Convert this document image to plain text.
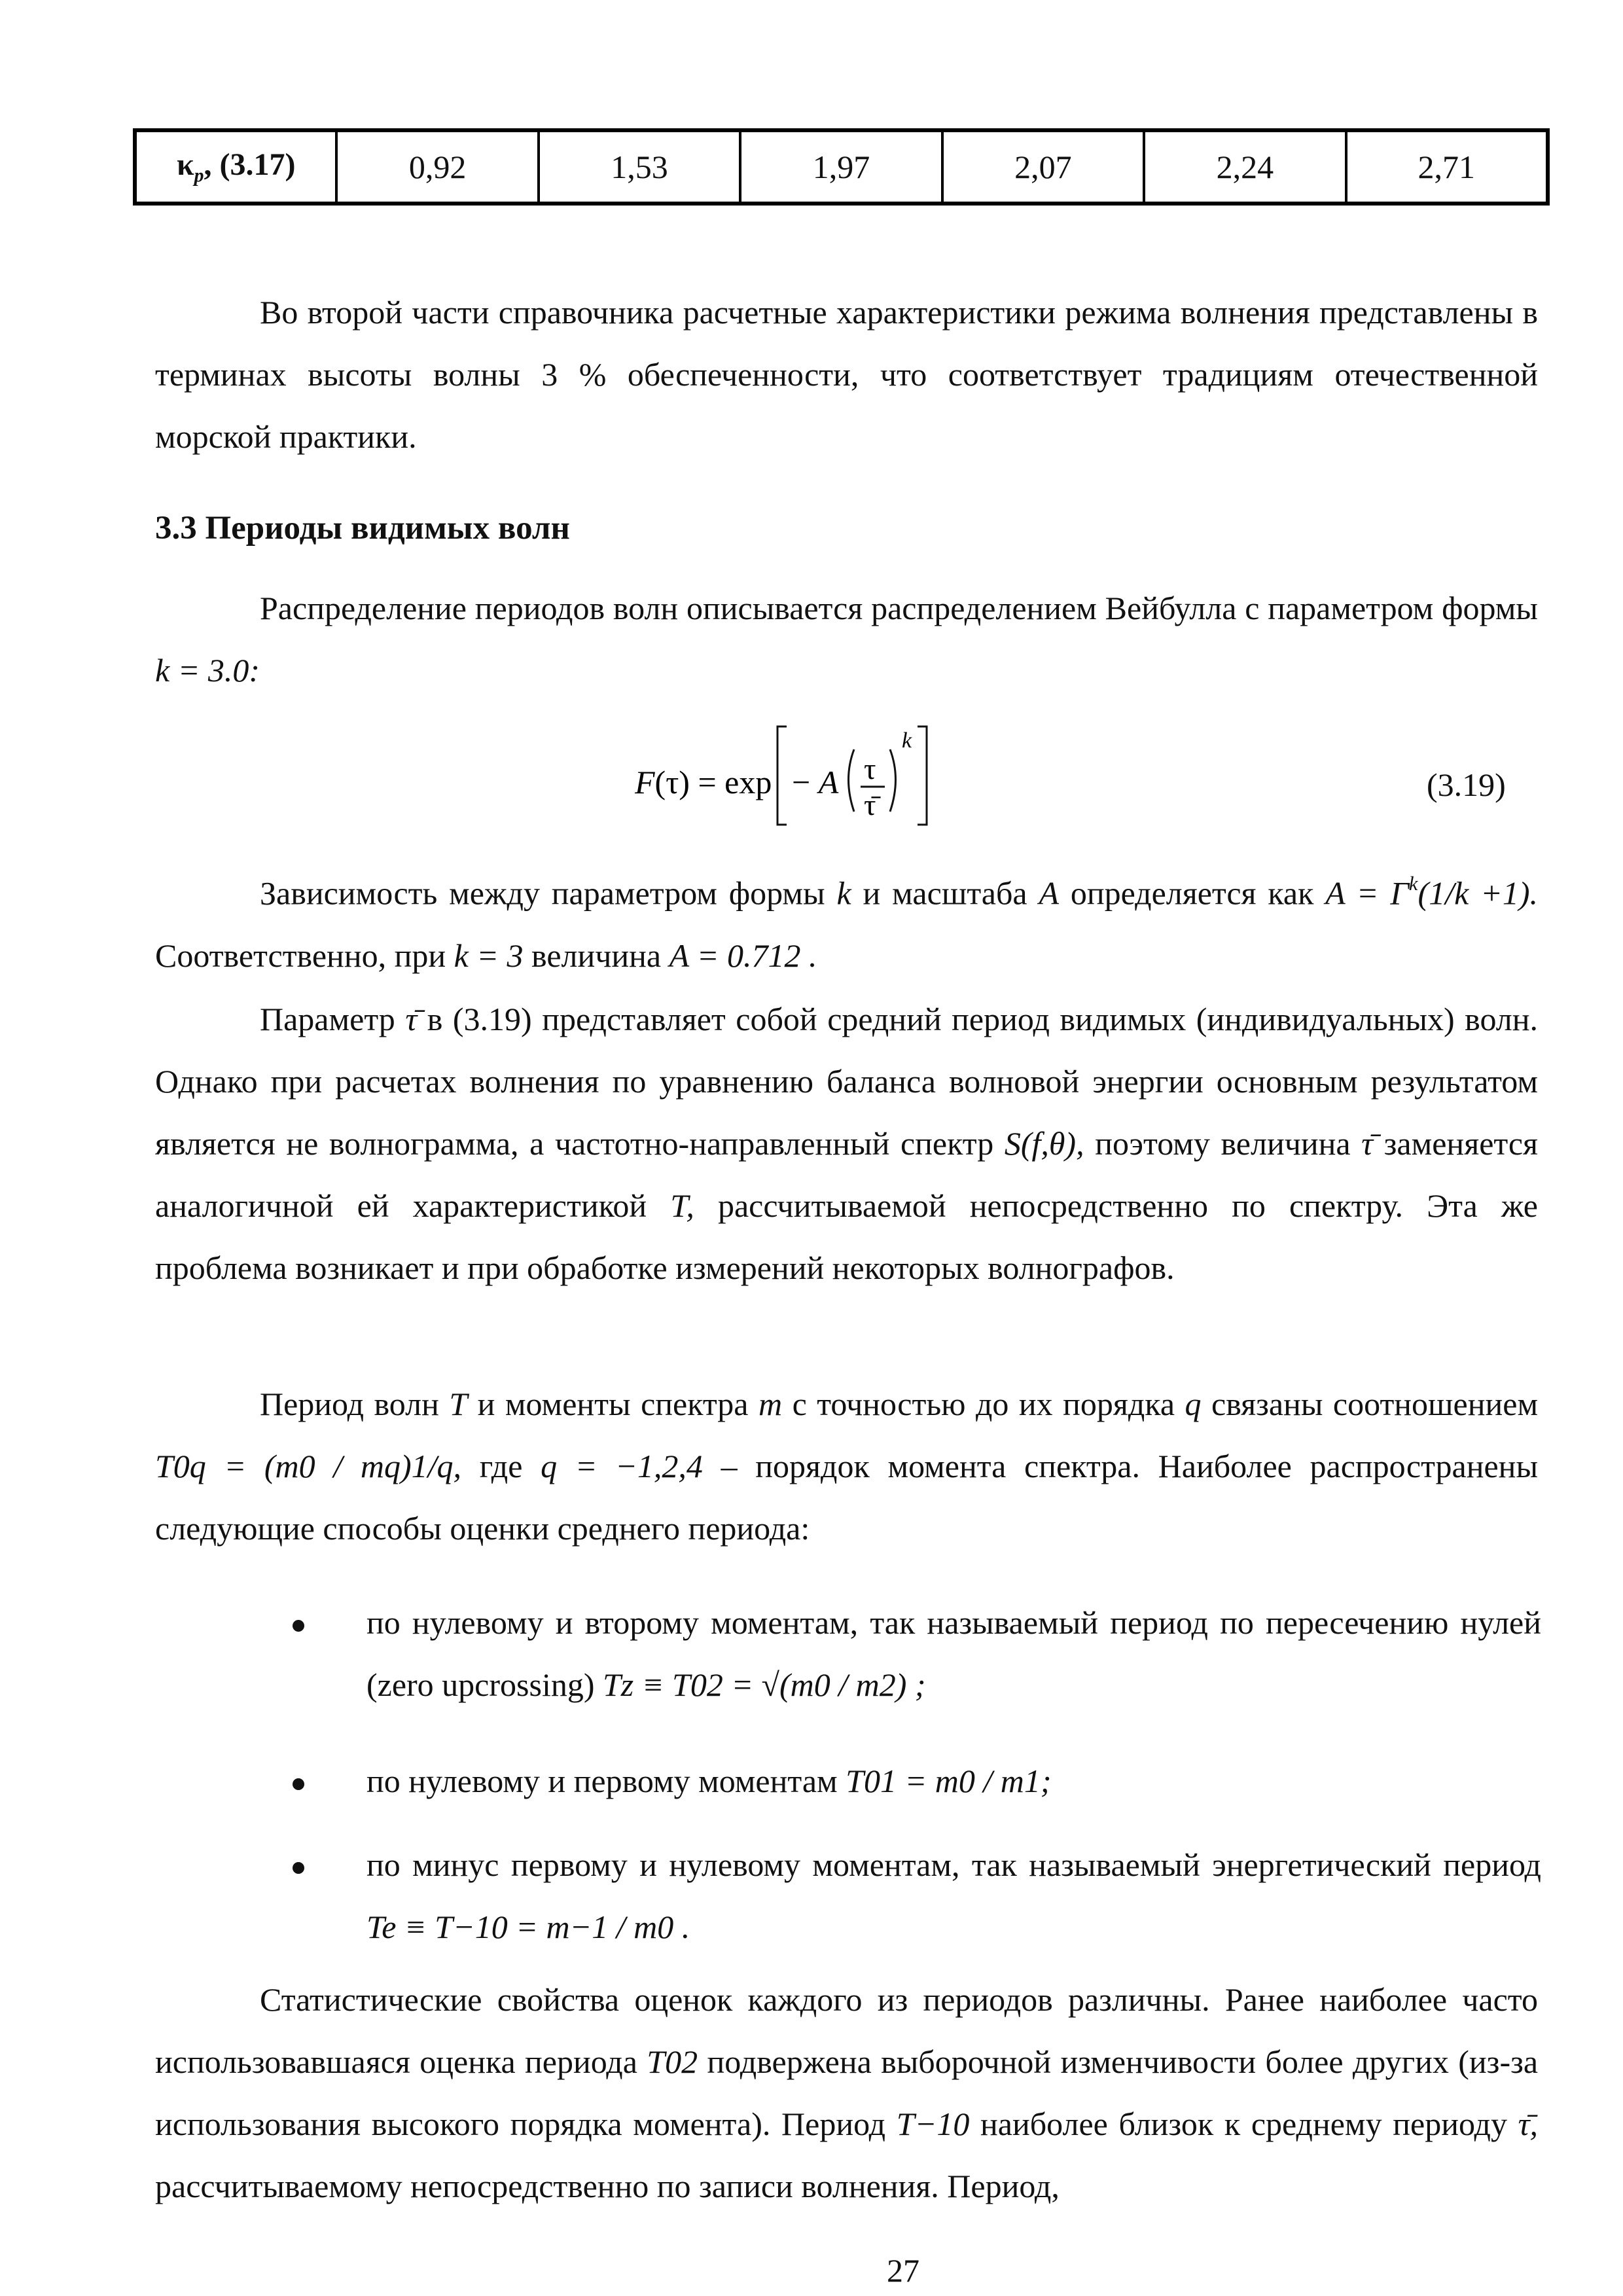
$\kappa_p$, (3.17)	0,92	1,53	1,97	2,07	2,24	2,71
Во второй части справочника расчетные характеристики режима волнения представлены в терминах высоты волны 3 % обеспеченности, что соответствует традициям отечественной морской практики.
3.3 Периоды видимых волн
Распределение периодов волн описывается распределением Вейбулла с параметром формы k = 3.0:
F(τ) = exp − A τ
τ̄
k
(3.19)
Зависимость между параметром формы k и масштаба A определяется как $A = \Gamma^k(1/k +1)$. Соответственно, при k = 3 величина A = 0.712 .
Параметр τ̄ в (3.19) представляет собой средний период видимых (индивидуальных) волн. Однако при расчетах волнения по уравнению баланса волновой энергии основным результатом является не волнограмма, а частотно-направленный спектр S(f,θ), поэтому величина τ̄ заменяется аналогичной ей характеристикой T, рассчитываемой непосредственно по спектру. Эта же проблема возникает и при обработке измерений некоторых волнографов.
Период волн T и моменты спектра m с точностью до их порядка q связаны соотношением T0q = (m0 / mq)1/q, где q = −1,2,4 – порядок момента спектра. Наиболее распространены следующие способы оценки среднего периода:
по нулевому и второму моментам, так называемый период по пересечению нулей (zero upcrossing) Tz ≡ T02 = √(m0 / m2) ;
по нулевому и первому моментам T01 = m0 / m1;
по минус первому и нулевому моментам, так называемый энергетический период Te ≡ T−10 = m−1 / m0 .
Статистические свойства оценок каждого из периодов различны. Ранее наиболее часто использовавшаяся оценка периода T02 подвержена выборочной изменчивости более других (из-за использования высокого порядка момента). Период T−10 наиболее близок к среднему периоду τ̄, рассчитываемому непосредственно по записи волнения. Период,
27
